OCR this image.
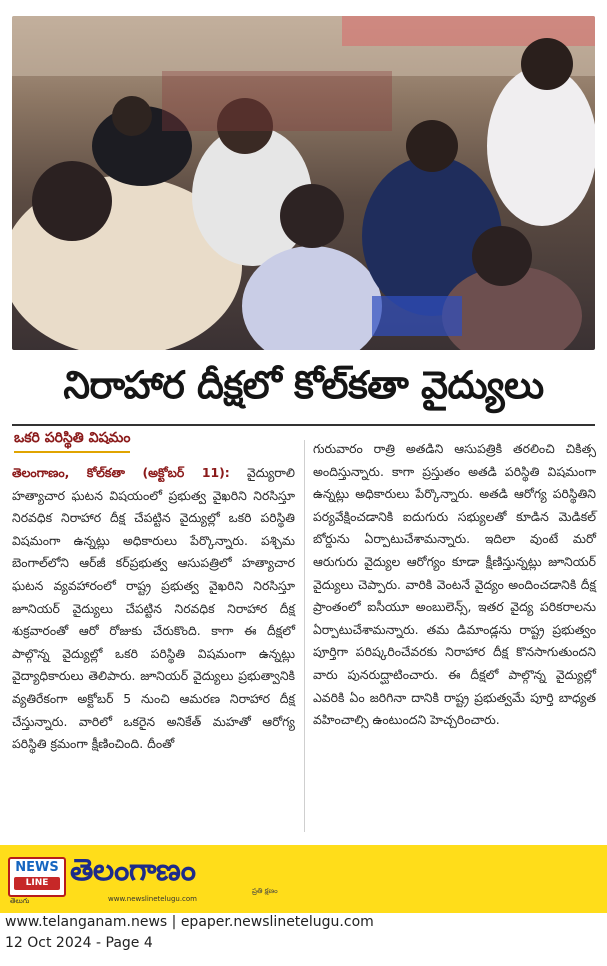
నిరాహార దీక్షలో కోల్‌కతా వైద్యులు
ఒకరి పరిస్థితి విషమం
తెలంగాణం, కోల్‌కతా (అక్టోబర్ 11): వైద్యురాలి హత్యాచార ఘటన విషయంలో ప్రభుత్వ వైఖరిని నిరసిస్తూ నిరవధిక నిరాహార దీక్ష చేపట్టిన వైద్యుల్లో ఒకరి పరిస్థితి విషమంగా ఉన్నట్లు అధికారులు పేర్కొన్నారు. పశ్చిమ బెంగాల్‌లోని ఆర్‌జీ కర్‌ప్రభుత్వ ఆసుపత్రిలో హత్యాచార ఘటన వ్యవహారంలో రాష్ట్ర ప్రభుత్వ వైఖరిని నిరసిస్తూ జూనియర్ వైద్యులు చేపట్టిన నిరవధిక నిరాహార దీక్ష శుక్రవారంతో ఆరో రోజుకు చేరుకొంది. కాగా ఈ దీక్షలో పాల్గొన్న వైద్యుల్లో ఒకరి పరిస్థితి విషమంగా ఉన్నట్లు వైద్యాధికారులు తెలిపారు. జూనియర్ వైద్యులు ప్రభుత్వానికి వ్యతిరేకంగా అక్టోబర్ 5 నుంచి ఆమరణ నిరాహార దీక్ష చేస్తున్నారు. వారిలో ఒకరైన అనికేత్ మహతో ఆరోగ్య పరిస్థితి క్రమంగా క్షీణించింది. దీంతో
గురువారం రాత్రి అతడిని ఆసుపత్రికి తరలించి చికిత్స అందిస్తున్నారు. కాగా ప్రస్తుతం అతడి పరిస్థితి విషమంగా ఉన్నట్లు అధికారులు పేర్కొన్నారు. అతడి ఆరోగ్య పరిస్థితిని పర్యవేక్షించడానికి ఐదుగురు సభ్యులతో కూడిన మెడికల్ బోర్డును ఏర్పాటుచేశామన్నారు. ఇదిలా వుంటే మరో ఆరుగురు వైద్యుల ఆరోగ్యం కూడా క్షీణిస్తున్నట్లు జూనియర్ వైద్యులు చెప్పారు. వారికి వెంటనే వైద్యం అందించడానికి దీక్ష ప్రాంతంలో ఐసీయూ అంబులెన్స్, ఇతర వైద్య పరికరాలను ఏర్పాటుచేశామన్నారు. తమ డిమాండ్లను రాష్ట్ర ప్రభుత్వం పూర్తిగా పరిష్కరించేవరకు నిరాహార దీక్ష కొనసాగుతుందని వారు పునరుద్ఘాటించారు. ఈ దీక్షలో పాల్గొన్న వైద్యుల్లో ఎవరికి ఏం జరిగినా దానికి రాష్ట్ర ప్రభుత్వమే పూర్తి బాధ్యత వహించాల్సి ఉంటుందని హెచ్చరించారు.
NEWS
LINE
తెలుగు
తెలంగాణం
www.newslinetelugu.com
ప్రతి క్షణం
www.telanganam.news | epaper.newslinetelugu.com
12 Oct 2024 - Page 4
